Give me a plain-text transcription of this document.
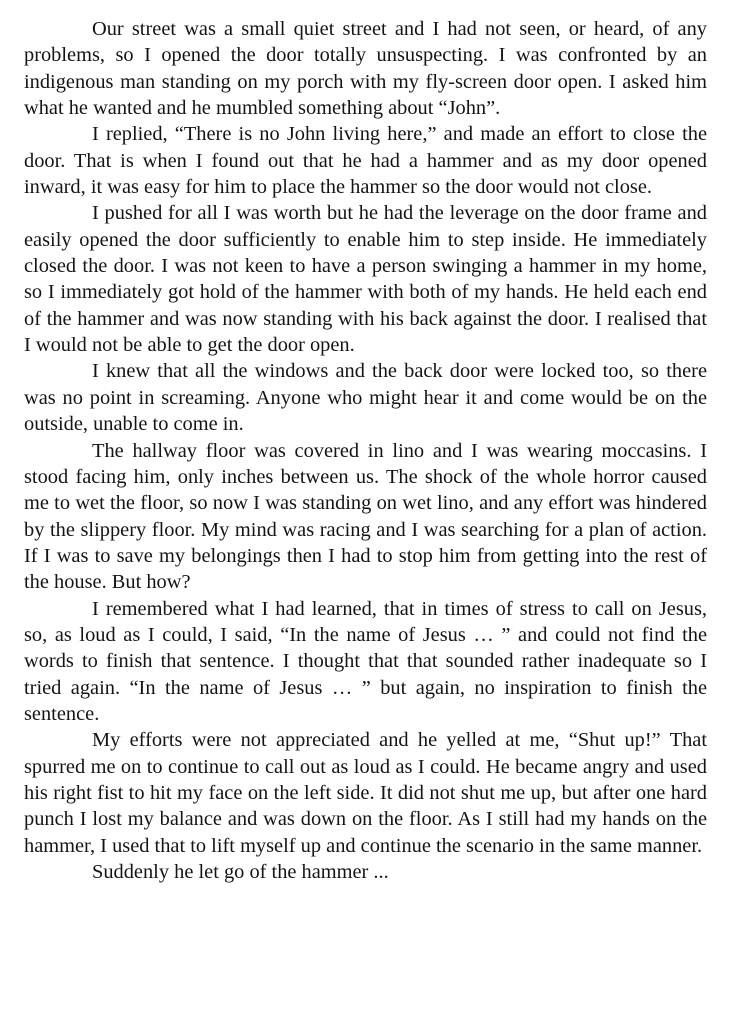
Our street was a small quiet street and I had not seen, or heard, of any problems, so I opened the door totally unsuspecting. I was confronted by an indigenous man standing on my porch with my fly-screen door open. I asked him what he wanted and he mumbled something about “John”.

I replied, “There is no John living here,” and made an effort to close the door. That is when I found out that he had a hammer and as my door opened inward, it was easy for him to place the hammer so the door would not close.

I pushed for all I was worth but he had the leverage on the door frame and easily opened the door sufficiently to enable him to step inside. He immediately closed the door. I was not keen to have a person swinging a hammer in my home, so I immediately got hold of the hammer with both of my hands. He held each end of the hammer and was now standing with his back against the door. I realised that I would not be able to get the door open.

I knew that all the windows and the back door were locked too, so there was no point in screaming. Anyone who might hear it and come would be on the outside, unable to come in.

The hallway floor was covered in lino and I was wearing moccasins. I stood facing him, only inches between us. The shock of the whole horror caused me to wet the floor, so now I was standing on wet lino, and any effort was hindered by the slippery floor. My mind was racing and I was searching for a plan of action. If I was to save my belongings then I had to stop him from getting into the rest of the house. But how?

I remembered what I had learned, that in times of stress to call on Jesus, so, as loud as I could, I said, “In the name of Jesus … ” and could not find the words to finish that sentence. I thought that that sounded rather inadequate so I tried again. “In the name of Jesus … ” but again, no inspiration to finish the sentence.

My efforts were not appreciated and he yelled at me, “Shut up!” That spurred me on to continue to call out as loud as I could. He became angry and used his right fist to hit my face on the left side. It did not shut me up, but after one hard punch I lost my balance and was down on the floor. As I still had my hands on the hammer, I used that to lift myself up and continue the scenario in the same manner.

Suddenly he let go of the hammer ...
